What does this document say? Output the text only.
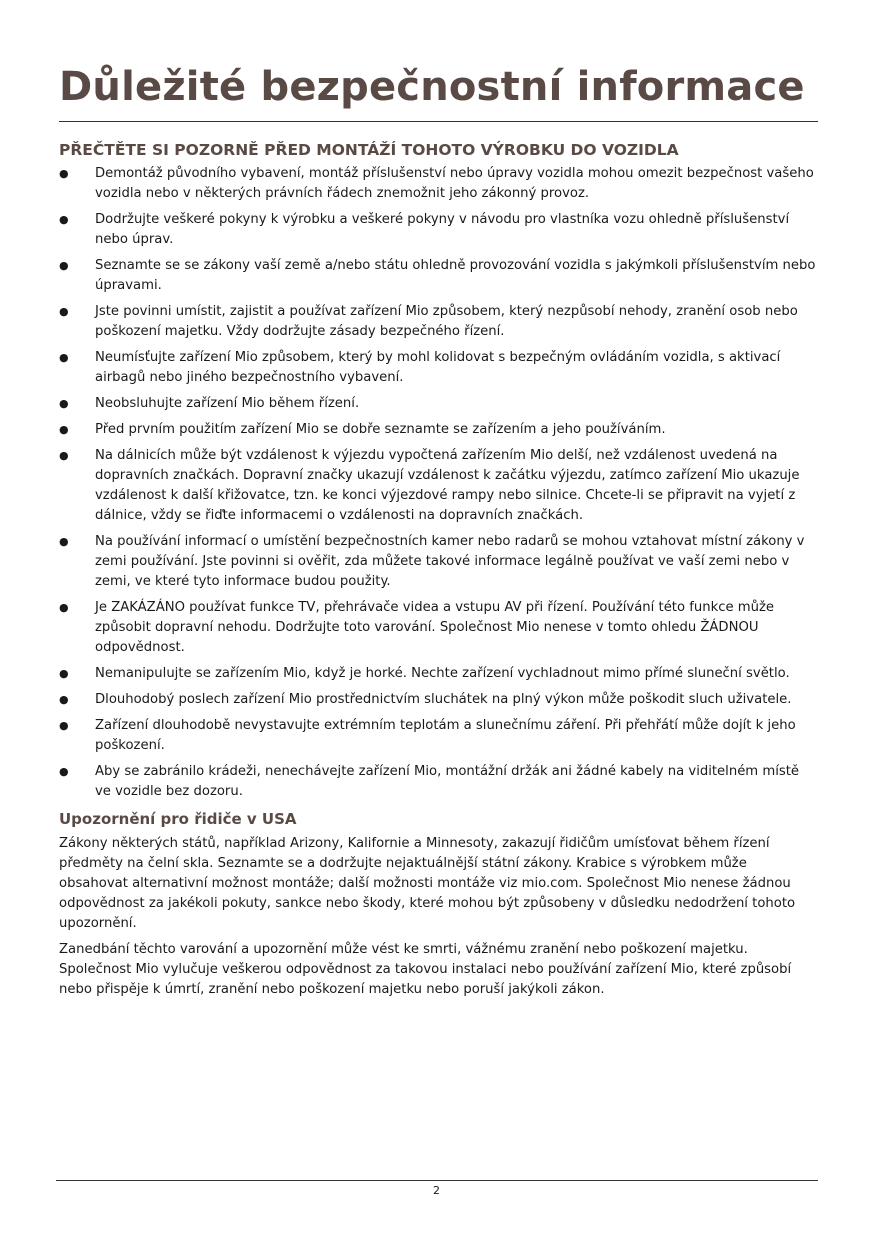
Důležité bezpečnostní informace
PŘEČTĚTE SI POZORNĚ PŘED MONTÁŽÍ TOHOTO VÝROBKU DO VOZIDLA
● Demontáž původního vybavení, montáž příslušenství nebo úpravy vozidla mohou omezit bezpečnost vašeho vozidla nebo v některých právních řádech znemožnit jeho zákonný provoz.
● Dodržujte veškeré pokyny k výrobku a veškeré pokyny v návodu pro vlastníka vozu ohledně příslušenství nebo úprav.
● Seznamte se se zákony vaší země a/nebo státu ohledně provozování vozidla s jakýmkoli příslušenstvím nebo úpravami.
● Jste povinni umístit, zajistit a používat zařízení Mio způsobem, který nezpůsobí nehody, zranění osob nebo poškození majetku. Vždy dodržujte zásady bezpečného řízení.
● Neumísťujte zařízení Mio způsobem, který by mohl kolidovat s bezpečným ovládáním vozidla, s aktivací airbagů nebo jiného bezpečnostního vybavení.
● Neobsluhujte zařízení Mio během řízení.
● Před prvním použitím zařízení Mio se dobře seznamte se zařízením a jeho používáním.
● Na dálnicích může být vzdálenost k výjezdu vypočtená zařízením Mio delší, než vzdálenost uvedená na dopravních značkách. Dopravní značky ukazují vzdálenost k začátku výjezdu, zatímco zařízení Mio ukazuje vzdálenost k další křižovatce, tzn. ke konci výjezdové rampy nebo silnice. Chcete-li se připravit na vyjetí z dálnice, vždy se řiďte informacemi o vzdálenosti na dopravních značkách.
● Na používání informací o umístění bezpečnostních kamer nebo radarů se mohou vztahovat místní zákony v zemi používání. Jste povinni si ověřit, zda můžete takové informace legálně používat ve vaší zemi nebo v zemi, ve které tyto informace budou použity.
● Je ZAKÁZÁNO používat funkce TV, přehrávače videa a vstupu AV při řízení. Používání této funkce může způsobit dopravní nehodu. Dodržujte toto varování. Společnost Mio nenese v tomto ohledu ŽÁDNOU odpovědnost.
● Nemanipulujte se zařízením Mio, když je horké. Nechte zařízení vychladnout mimo přímé sluneční světlo.
● Dlouhodobý poslech zařízení Mio prostřednictvím sluchátek na plný výkon může poškodit sluch uživatele.
● Zařízení dlouhodobě nevystavujte extrémním teplotám a slunečnímu záření. Při přehřátí může dojít k jeho poškození.
● Aby se zabránilo krádeži, nenechávejte zařízení Mio, montážní držák ani žádné kabely na viditelném místě ve vozidle bez dozoru.
Upozornění pro řidiče v USA

Zákony některých států, například Arizony, Kalifornie a Minnesoty, zakazují řidičům umísťovat během řízení předměty na čelní skla. Seznamte se a dodržujte nejaktuálnější státní zákony. Krabice s výrobkem může obsahovat alternativní možnost montáže; další možnosti montáže viz mio.com. Společnost Mio nenese žádnou odpovědnost za jakékoli pokuty, sankce nebo škody, které mohou být způsobeny v důsledku nedodržení tohoto upozornění.

Zanedbání těchto varování a upozornění může vést ke smrti, vážnému zranění nebo poškození majetku. Společnost Mio vylučuje veškerou odpovědnost za takovou instalaci nebo používání zařízení Mio, které způsobí nebo přispěje k úmrtí, zranění nebo poškození majetku nebo poruší jakýkoli zákon.

2
